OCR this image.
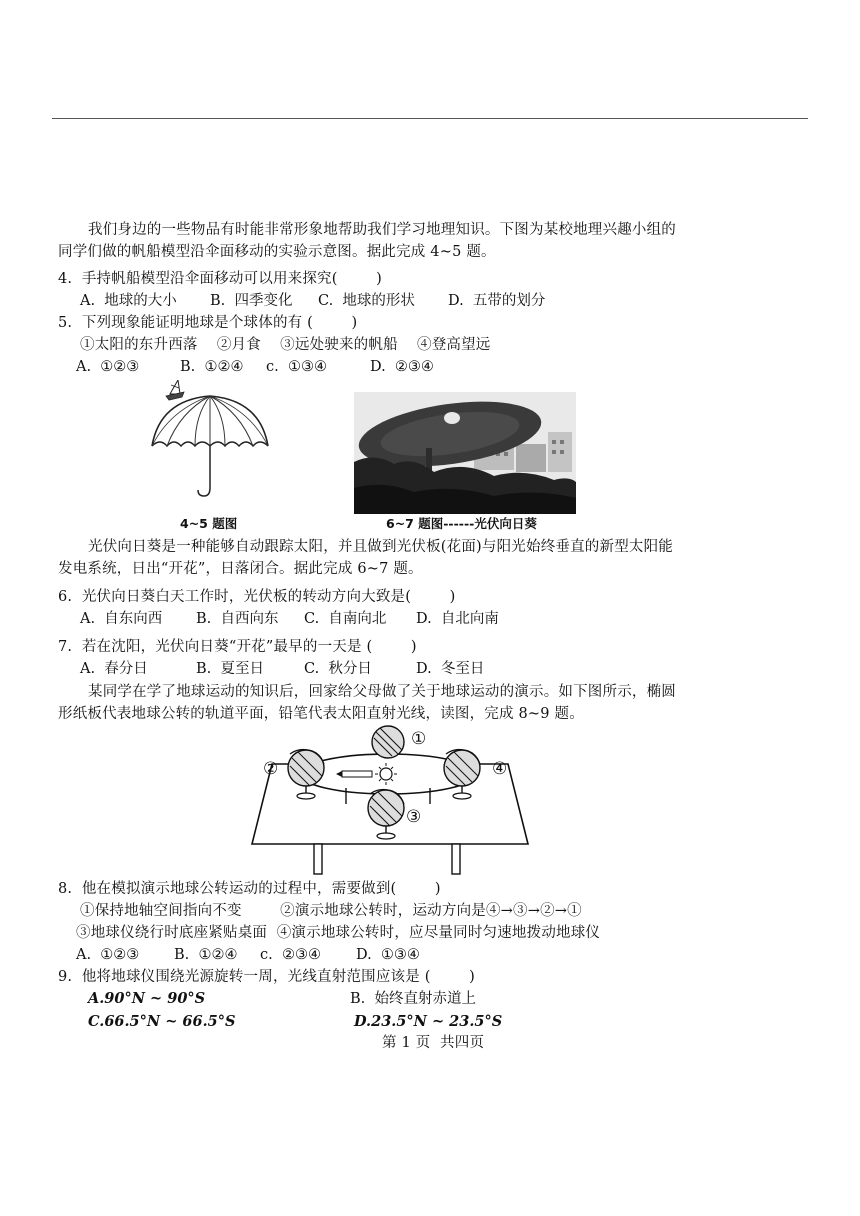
我们身边的一些物品有时能非常形象地帮助我们学习地理知识。下图为某校地理兴趣小组的
同学们做的帆船模型沿伞面移动的实验示意图。据此完成 4~5 题。
4.  手持帆船模型沿伞面移动可以用来探究(        )
A.  地球的大小 B.  四季变化 C.  地球的形状 D.  五带的划分
5.  下列现象能证明地球是个球体的有 (        )
①太阳的东升西落    ②月食    ③远处驶来的帆船    ④登高望远
A.  ①②③	B.  ①②④ c.  ①③④	D.  ②③④
4~5 题图	6~7 题图------光伏向日葵
光伏向日葵是一种能够自动跟踪太阳，并且做到光伏板(花面)与阳光始终垂直的新型太阳能
发电系统，日出“开花”，日落闭合。据此完成 6~7 题。
6.  光伏向日葵白天工作时，光伏板的转动方向大致是(        )
A.  自东向西 B.  自西向东 C.  自南向北 D.  自北向南
7.  若在沈阳，光伏向日葵“开花”最早的一天是 (        )
A.  春分日	B.  夏至日	C.  秋分日	D.  冬至日
某同学在学了地球运动的知识后，回家给父母做了关于地球运动的演示。如下图所示，椭圆
形纸板代表地球公转的轨道平面，铅笔代表太阳直射光线，读图，完成 8~9 题。
①
②
③
④
8.  他在模拟演示地球公转运动的过程中，需要做到(        )
①保持地轴空间指向不变        ②演示地球公转时，运动方向是④→③→②→①
③地球仪绕行时底座紧贴桌面  ④演示地球公转时，应尽量同时匀速地拨动地球仪
A.  ①②③ B.  ①②④ c.  ②③④ D.  ①③④
9.  他将地球仪围绕光源旋转一周，光线直射范围应该是 (        )
A.90°N ~ 90°S	B.  始终直射赤道上
C.66.5°N ~ 66.5°S	D.23.5°N ~ 23.5°S
第 1 页  共四页
